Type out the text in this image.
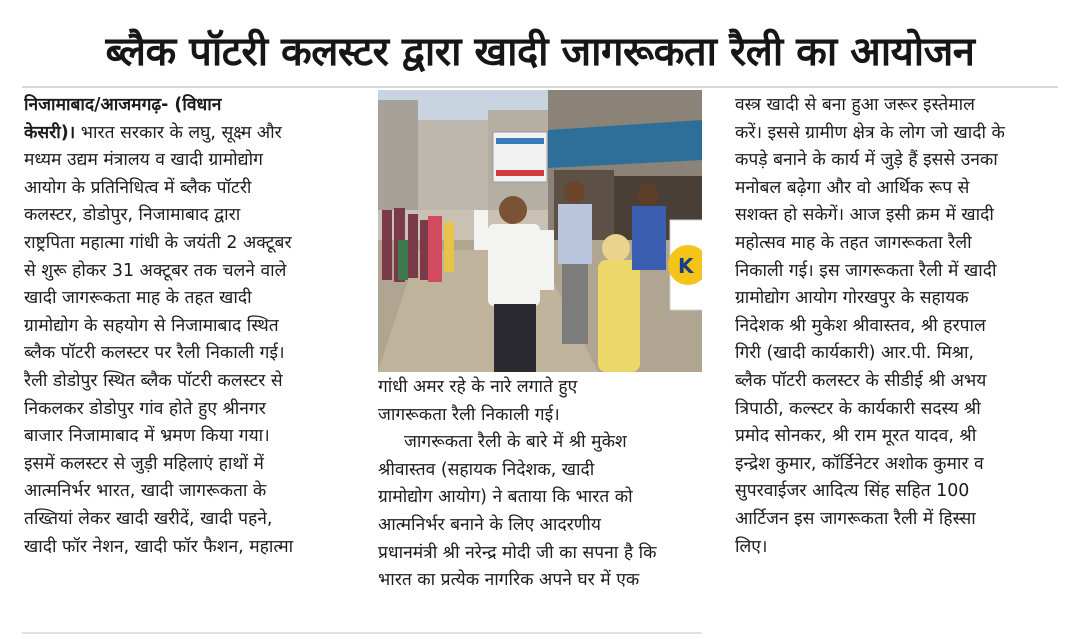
ब्लैक पॉटरी कलस्टर द्वारा खादी जागरूकता रैली का आयोजन
निजामाबाद/आजमगढ़- (विधान
केसरी)। भारत सरकार के लघु, सूक्ष्म और
मध्यम उद्यम मंत्रालय व खादी ग्रामोद्योग
आयोग के प्रतिनिधित्व में ब्लैक पॉटरी
कलस्टर, डोडोपुर, निजामाबाद द्वारा
राष्ट्रपिता महात्मा गांधी के जयंती 2 अक्टूबर
से शुरू होकर 31 अक्टूबर तक चलने वाले
खादी जागरूकता माह के तहत खादी
ग्रामोद्योग के सहयोग से निजामाबाद स्थित
ब्लैक पॉटरी कलस्टर पर रैली निकाली गई।
रैली डोडोपुर स्थित ब्लैक पॉटरी कलस्टर से
निकलकर डोडोपुर गांव होते हुए श्रीनगर
बाजार निजामाबाद में भ्रमण किया गया।
इसमें कलस्टर से जुड़ी महिलाएं हाथों में
आत्मनिर्भर भारत, खादी जागरूकता के
तख्तियां लेकर खादी खरीदें, खादी पहने,
खादी फॉर नेशन, खादी फॉर फैशन, महात्मा
K
गांधी अमर रहे के नारे लगाते हुए
जागरूकता रैली निकाली गई।
जागरूकता रैली के बारे में श्री मुकेश
श्रीवास्तव (सहायक निदेशक, खादी
ग्रामोद्योग आयोग) ने बताया कि भारत को
आत्मनिर्भर बनाने के लिए आदरणीय
प्रधानमंत्री श्री नरेन्द्र मोदी जी का सपना है कि
भारत का प्रत्येक नागरिक अपने घर में एक
वस्त्र खादी से बना हुआ जरूर इस्तेमाल
करें। इससे ग्रामीण क्षेत्र के लोग जो खादी के
कपड़े बनाने के कार्य में जुड़े हैं इससे उनका
मनोबल बढ़ेगा और वो आर्थिक रूप से
सशक्त हो सकेगें। आज इसी क्रम में खादी
महोत्सव माह के तहत जागरूकता रैली
निकाली गई। इस जागरूकता रैली में खादी
ग्रामोद्योग आयोग गोरखपुर के सहायक
निदेशक श्री मुकेश श्रीवास्तव, श्री हरपाल
गिरी (खादी कार्यकारी) आर.पी. मिश्रा,
ब्लैक पॉटरी कलस्टर के सीडीई श्री अभय
त्रिपाठी, कल्स्टर के कार्यकारी सदस्य श्री
प्रमोद सोनकर, श्री राम मूरत यादव, श्री
इन्द्रेश कुमार, कॉर्डिनेटर अशोक कुमार व
सुपरवाईजर आदित्य सिंह सहित 100
आर्टिजन इस जागरूकता रैली में हिस्सा
लिए।
